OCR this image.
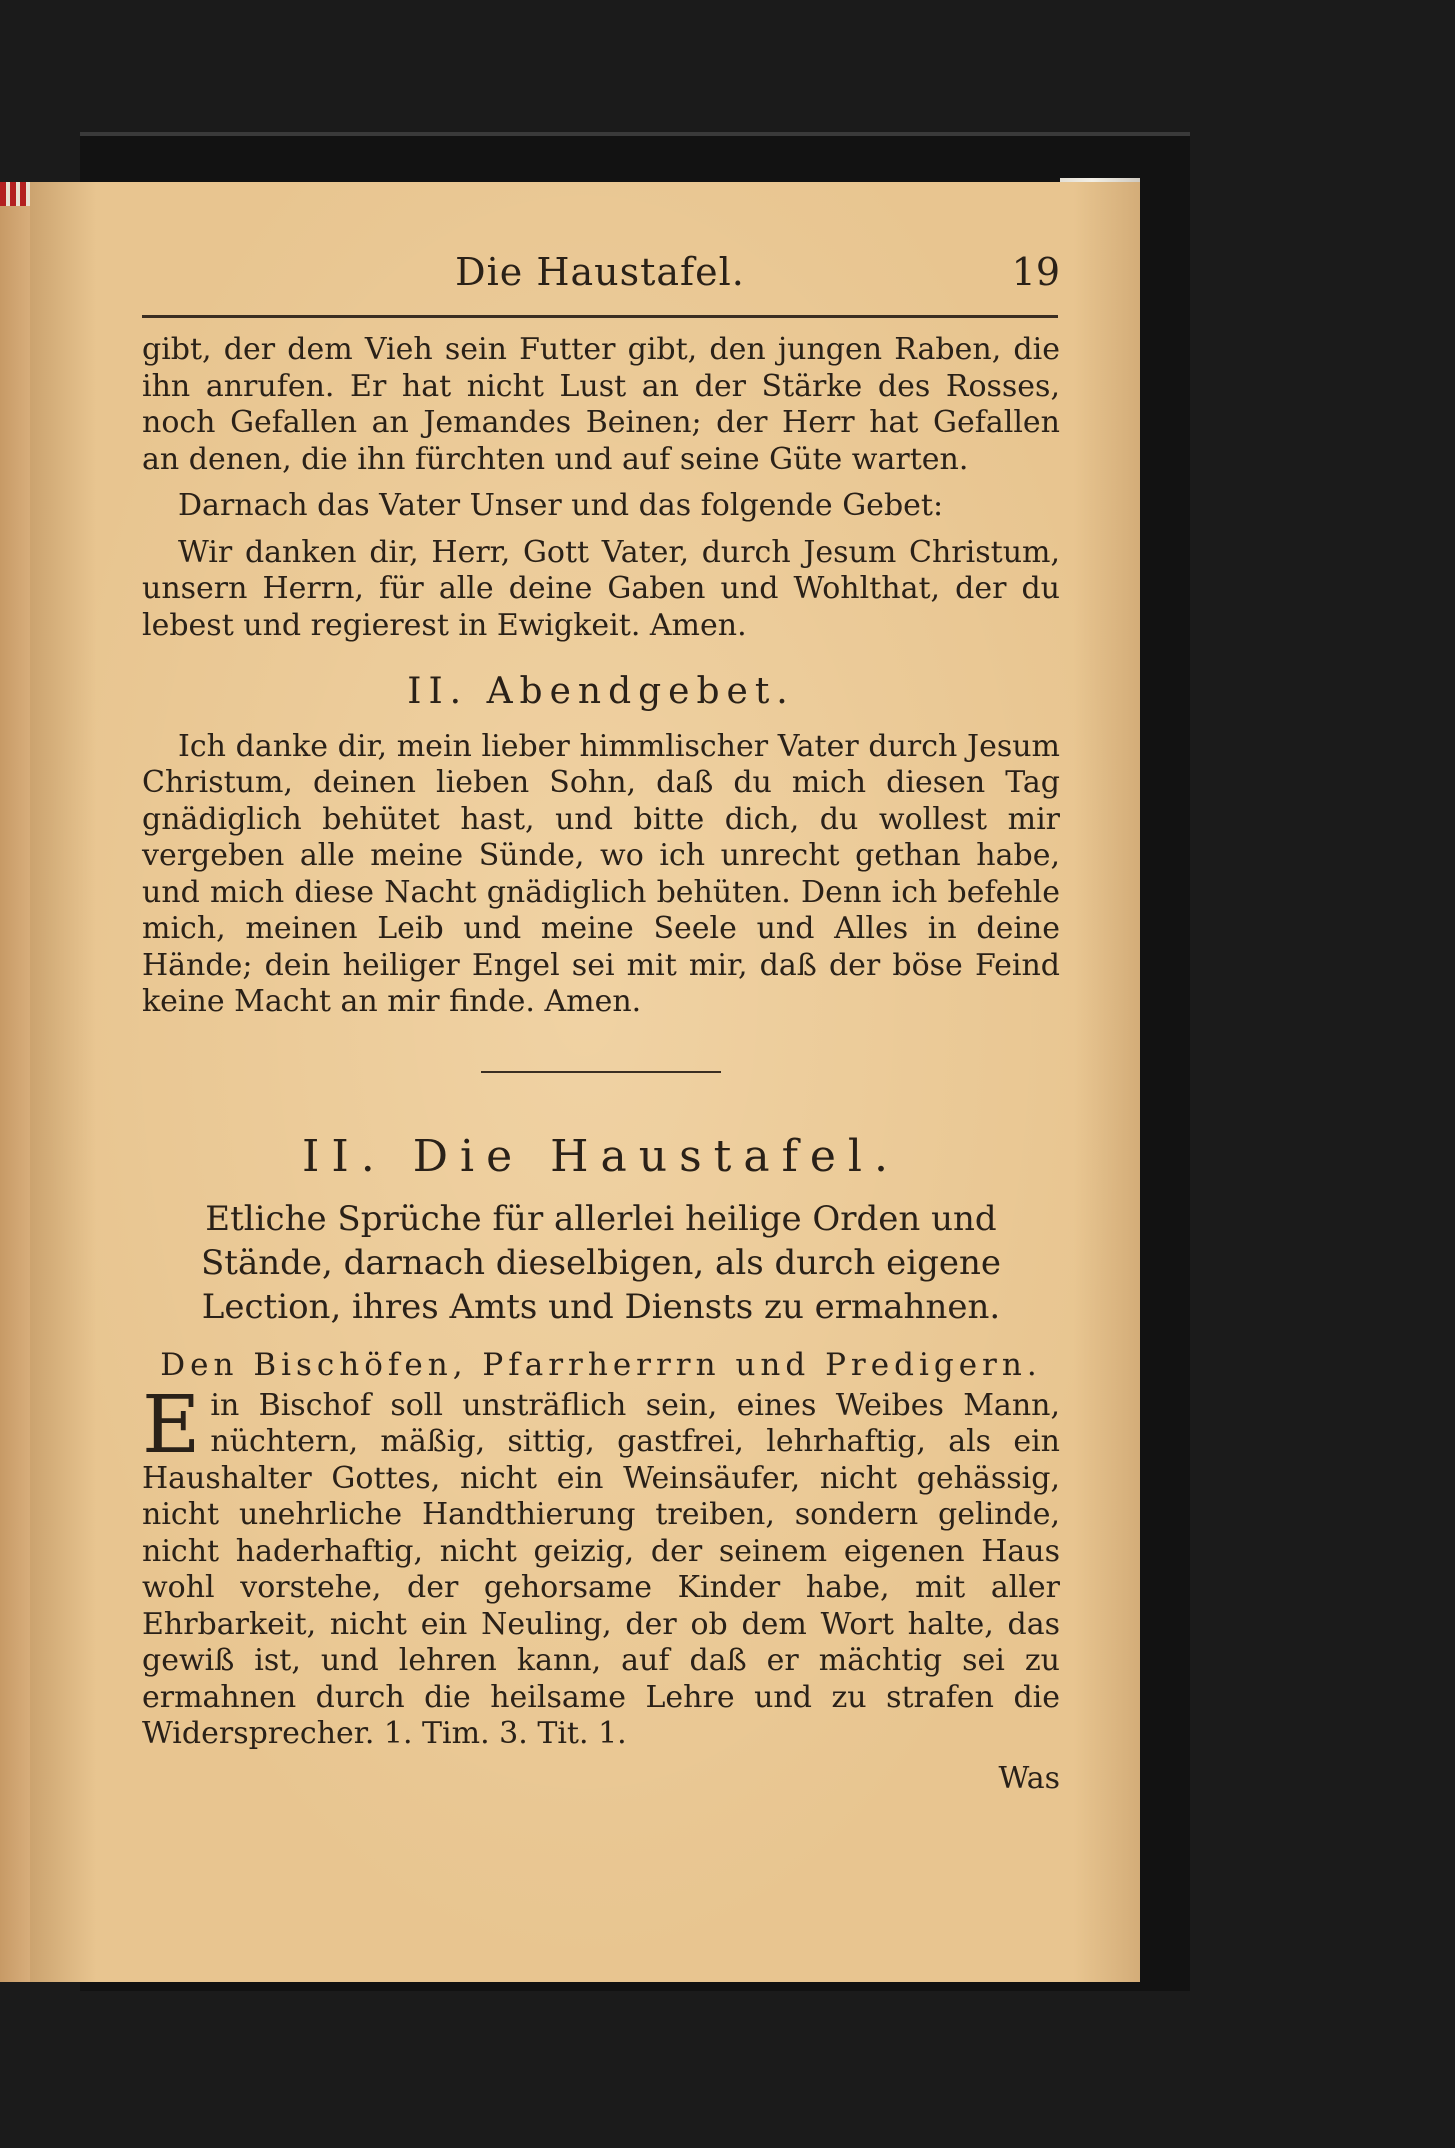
Die Haustafel.	19

gibt, der dem Vieh sein Futter gibt, den jungen Raben, die ihn anrufen. Er hat nicht Lust an der Stärke des Rosses, noch Gefallen an Jemandes Beinen; der Herr hat Gefallen an denen, die ihn fürchten und auf seine Güte warten.

Darnach das Vater Unser und das folgende Gebet:

Wir danken dir, Herr, Gott Vater, durch Jesum Christum, unsern Herrn, für alle deine Gaben und Wohlthat, der du lebest und regierest in Ewigkeit. Amen.

II. Abendgebet.

Ich danke dir, mein lieber himmlischer Vater durch Jesum Christum, deinen lieben Sohn, daß du mich diesen Tag gnädiglich behütet hast, und bitte dich, du wollest mir vergeben alle meine Sünde, wo ich unrecht gethan habe, und mich diese Nacht gnädiglich behüten. Denn ich befehle mich, meinen Leib und meine Seele und Alles in deine Hände; dein heiliger Engel sei mit mir, daß der böse Feind keine Macht an mir finde. Amen.

II. Die Haustafel.

Etliche Sprüche für allerlei heilige Orden und Stände, darnach dieselbigen, als durch eigene Lection, ihres Amts und Diensts zu ermahnen.

Den Bischöfen, Pfarrherrrn und Predigern.

Ein Bischof soll unsträflich sein, eines Weibes Mann, nüchtern, mäßig, sittig, gastfrei, lehrhaftig, als ein Haushalter Gottes, nicht ein Weinsäufer, nicht gehässig, nicht unehrliche Handthierung treiben, sondern gelinde, nicht haderhaftig, nicht geizig, der seinem eigenen Haus wohl vorstehe, der gehorsame Kinder habe, mit aller Ehrbarkeit, nicht ein Neuling, der ob dem Wort halte, das gewiß ist, und lehren kann, auf daß er mächtig sei zu ermahnen durch die heilsame Lehre und zu strafen die Widersprecher. 1. Tim. 3. Tit. 1.

Was
